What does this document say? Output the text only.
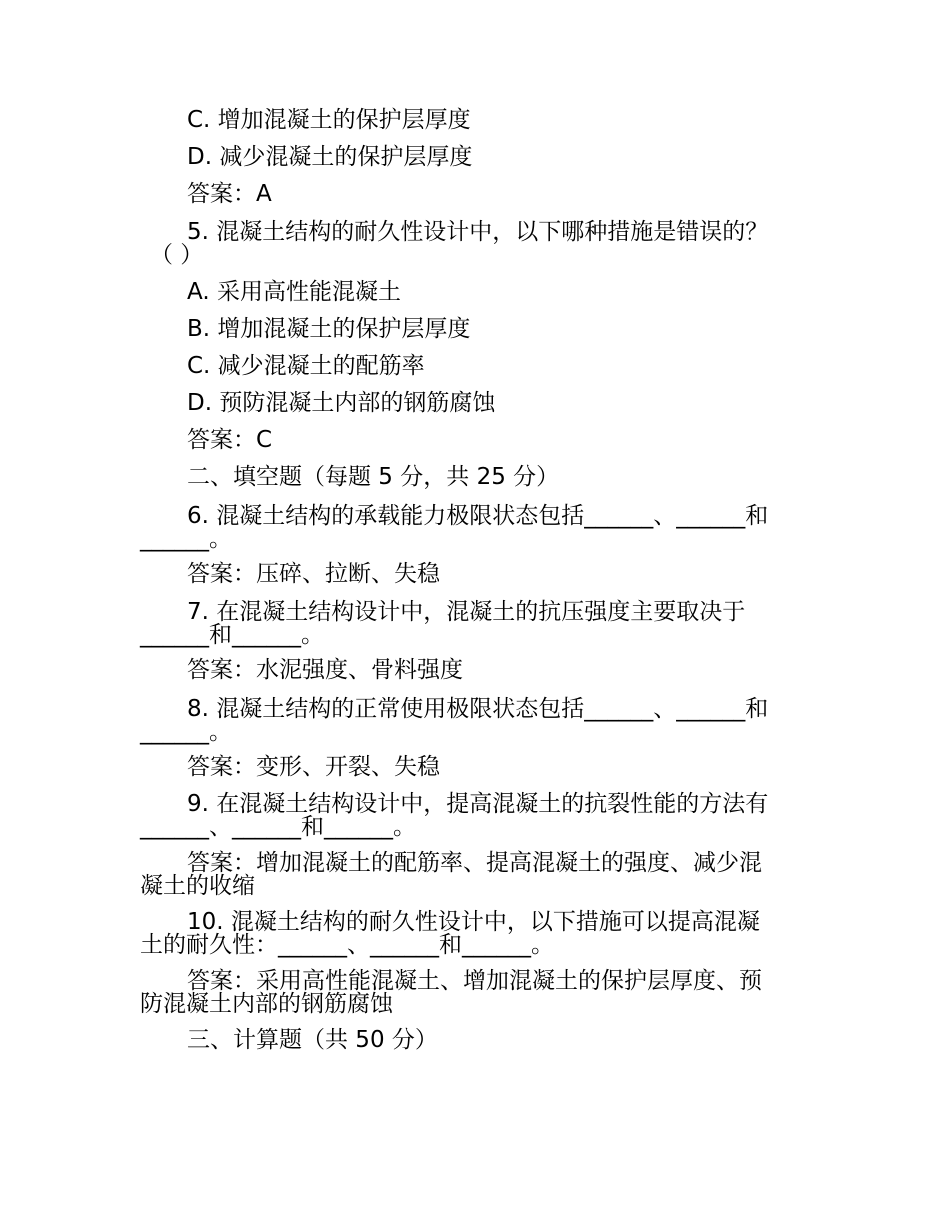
C. 增加混凝土的保护层厚度
D. 减少混凝土的保护层厚度
答案：A
5. 混凝土结构的耐久性设计中，以下哪种措施是错误的？
（ ）
A. 采用高性能混凝土
B. 增加混凝土的保护层厚度
C. 减少混凝土的配筋率
D. 预防混凝土内部的钢筋腐蚀
答案：C
二、填空题（每题 5 分，共 25 分）
6. 混凝土结构的承载能力极限状态包括______、______和
______。
答案：压碎、拉断、失稳
7. 在混凝土结构设计中，混凝土的抗压强度主要取决于
______和______。
答案：水泥强度、骨料强度
8. 混凝土结构的正常使用极限状态包括______、______和
______。
答案：变形、开裂、失稳
9. 在混凝土结构设计中，提高混凝土的抗裂性能的方法有
______、______和______。
答案：增加混凝土的配筋率、提高混凝土的强度、减少混
凝土的收缩
10. 混凝土结构的耐久性设计中，以下措施可以提高混凝
土的耐久性：______、______和______。
答案：采用高性能混凝土、增加混凝土的保护层厚度、预
防混凝土内部的钢筋腐蚀
三、计算题（共 50 分）
